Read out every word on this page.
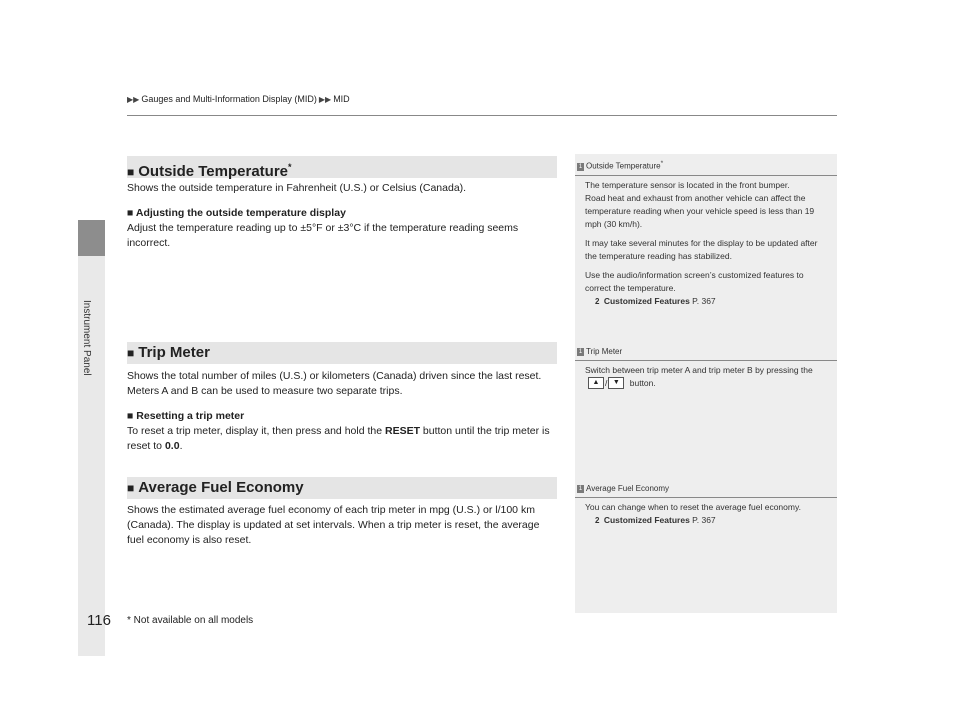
Instrument Panel
116
▶▶ Gauges and Multi-Information Display (MID) ▶▶ MID
■ Outside Temperature*
Shows the outside temperature in Fahrenheit (U.S.) or Celsius (Canada).
■ Adjusting the outside temperature display
Adjust the temperature reading up to ±5°F or ±3°C if the temperature reading seems incorrect.
■ Trip Meter
Shows the total number of miles (U.S.) or kilometers (Canada) driven since the last reset. Meters A and B can be used to measure two separate trips.
■ Resetting a trip meter
To reset a trip meter, display it, then press and hold the RESET button until the trip meter is reset to 0.0.
■ Average Fuel Economy
Shows the estimated average fuel economy of each trip meter in mpg (U.S.) or l/100 km (Canada). The display is updated at set intervals. When a trip meter is reset, the average fuel economy is also reset.
1 Outside Temperature*
The temperature sensor is located in the front bumper.
Road heat and exhaust from another vehicle can affect the temperature reading when your vehicle speed is less than 19 mph (30 km/h).
It may take several minutes for the display to be updated after the temperature reading has stabilized.
Use the audio/information screen’s customized features to correct the temperature.
2 Customized Features P. 367
1 Trip Meter
Switch between trip meter A and trip meter B by pressing the
▲ / ▼	button.
1 Average Fuel Economy
You can change when to reset the average fuel economy.
2 Customized Features P. 367
* Not available on all models
